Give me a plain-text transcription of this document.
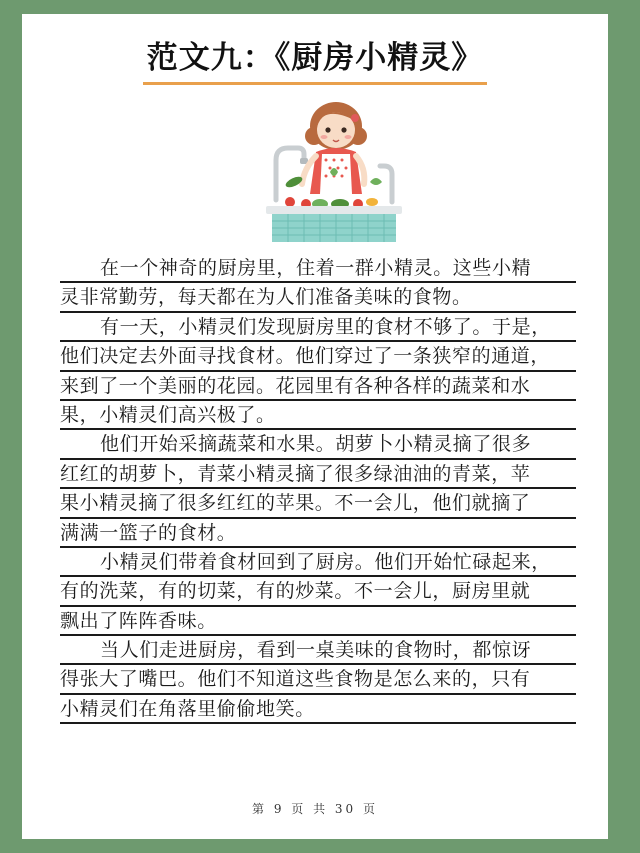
范文九：《厨房小精灵》
在一个神奇的厨房里，住着一群小精灵。这些小精
灵非常勤劳，每天都在为人们准备美味的食物。
有一天，小精灵们发现厨房里的食材不够了。于是，
他们决定去外面寻找食材。他们穿过了一条狭窄的通道，
来到了一个美丽的花园。花园里有各种各样的蔬菜和水
果，小精灵们高兴极了。
他们开始采摘蔬菜和水果。胡萝卜小精灵摘了很多
红红的胡萝卜，青菜小精灵摘了很多绿油油的青菜，苹
果小精灵摘了很多红红的苹果。不一会儿，他们就摘了
满满一篮子的食材。
小精灵们带着食材回到了厨房。他们开始忙碌起来，
有的洗菜，有的切菜，有的炒菜。不一会儿，厨房里就
飘出了阵阵香味。
当人们走进厨房，看到一桌美味的食物时，都惊讶
得张大了嘴巴。他们不知道这些食物是怎么来的，只有
小精灵们在角落里偷偷地笑。
第 9 页 共 30 页
